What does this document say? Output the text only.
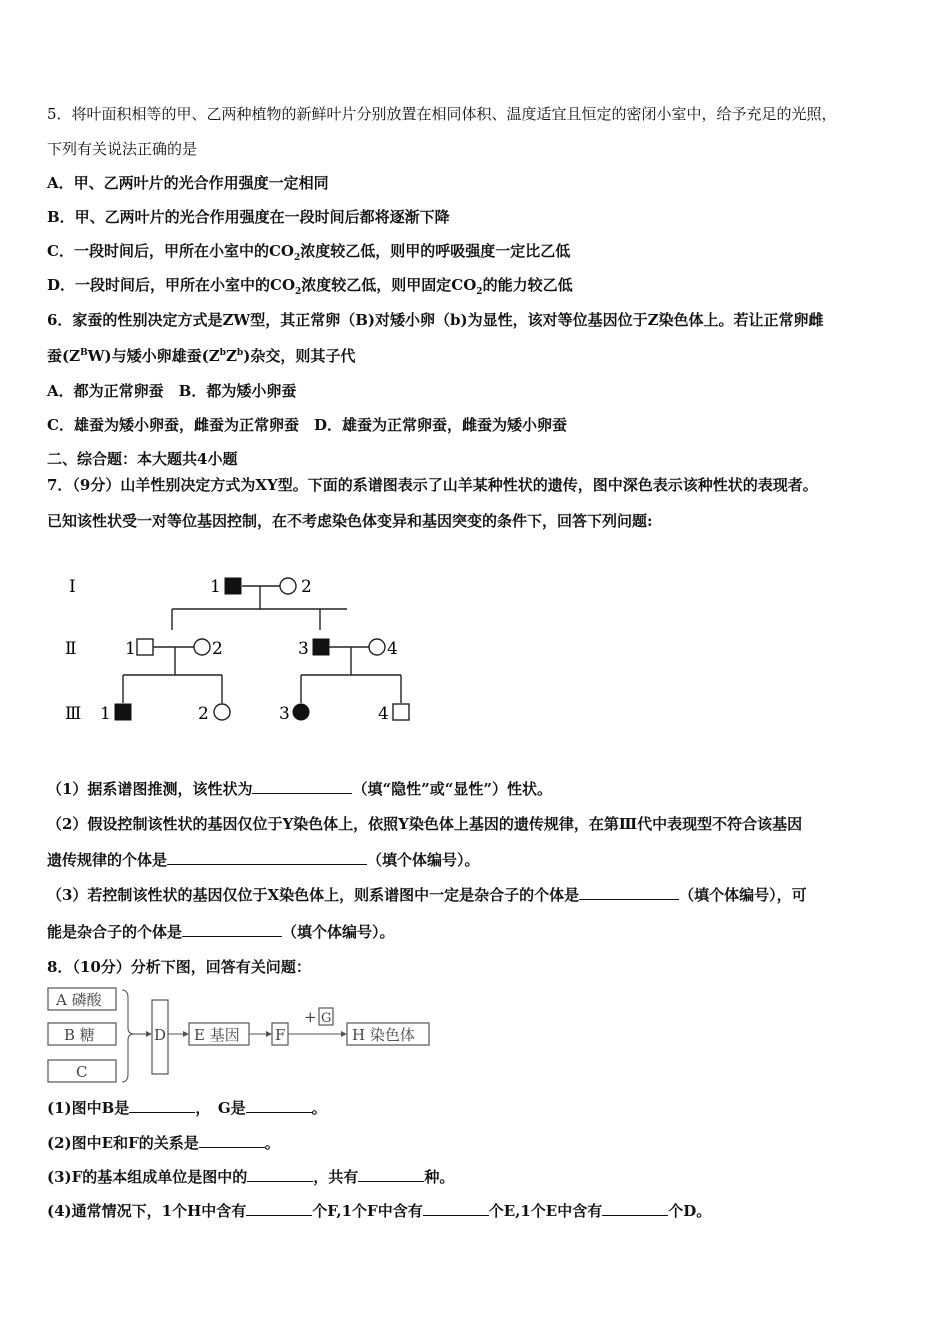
5．将叶面积相等的甲、乙两种植物的新鲜叶片分别放置在相同体积、温度适宜且恒定的密闭小室中，给予充足的光照，
下列有关说法正确的是
A．甲、乙两叶片的光合作用强度一定相同
B．甲、乙两叶片的光合作用强度在一段时间后都将逐渐下降
C．一段时间后，甲所在小室中的$CO_2$浓度较乙低，则甲的呼吸强度一定比乙低
D．一段时间后，甲所在小室中的$CO_2$浓度较乙低，则甲固定$CO_2$的能力较乙低
6．家蚕的性别决定方式是ZW型，其正常卵（B)对矮小卵（b)为显性，该对等位基因位于Z染色体上。若让正常卵雌
蚕$(Z^BW)$与矮小卵雄蚕$(Z^bZ^b)$杂交，则其子代
A．都为正常卵蚕　B．都为矮小卵蚕
C．雄蚕为矮小卵蚕，雌蚕为正常卵蚕　D．雄蚕为正常卵蚕，雌蚕为矮小卵蚕
二、综合题：本大题共4小题
7．（9分）山羊性别决定方式为XY型。下面的系谱图表示了山羊某种性状的遗传，图中深色表示该种性状的表现者。
已知该性状受一对等位基因控制，在不考虑染色体变异和基因突变的条件下，回答下列问题:
Ⅰ
Ⅱ
Ⅲ
1	2
1	2	3	4
1	2	3	4
（1）据系谱图推测，该性状为	（填“隐性”或“显性”）性状。
（2）假设控制该性状的基因仅位于Y染色体上，依照Y染色体上基因的遗传规律，在第Ⅲ代中表现型不符合该基因
遗传规律的个体是	（填个体编号）。
（3）若控制该性状的基因仅位于X染色体上，则系谱图中一定是杂合子的个体是	（填个体编号），可
能是杂合子的个体是	（填个体编号）。
8．（10分）分析下图，回答有关问题：
A 磷酸
B 糖
C
D E 基因 F
+ G
H 染色体
(1)图中B是	，　G是	。
(2)图中E和F的关系是	。
(3)F的基本组成单位是图中的	，共有	种。
(4)通常情况下，1个H中含有	个F,1个F中含有	个E,1个E中含有	个D。
